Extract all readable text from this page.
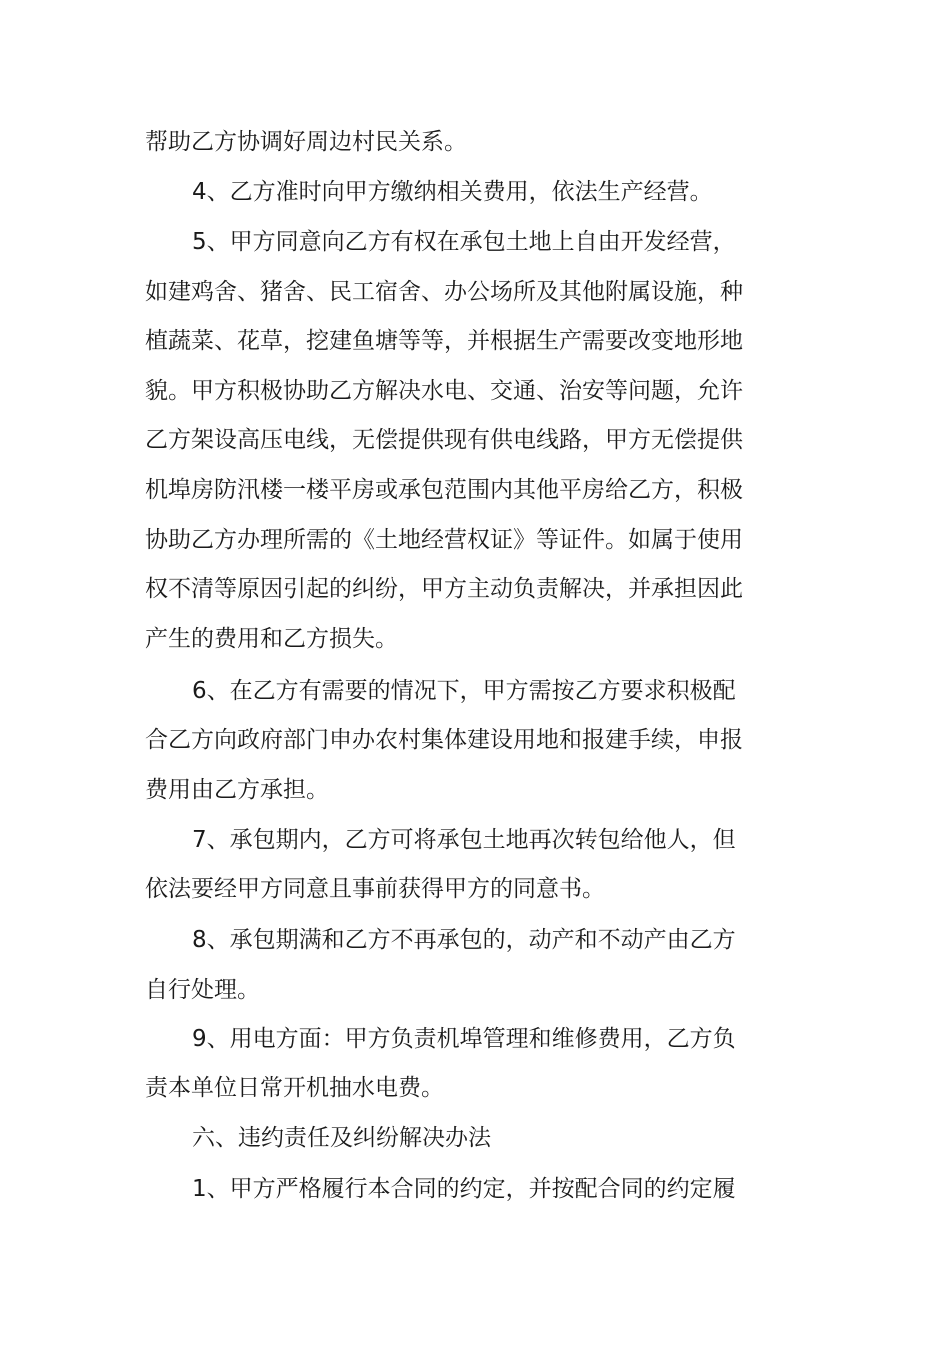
帮助乙方协调好周边村民关系。
4、乙方准时向甲方缴纳相关费用，依法生产经营。
5、甲方同意向乙方有权在承包土地上自由开发经营，
如建鸡舍、猪舍、民工宿舍、办公场所及其他附属设施，种
植蔬菜、花草，挖建鱼塘等等，并根据生产需要改变地形地
貌。甲方积极协助乙方解决水电、交通、治安等问题，允许
乙方架设高压电线，无偿提供现有供电线路，甲方无偿提供
机埠房防汛楼一楼平房或承包范围内其他平房给乙方，积极
协助乙方办理所需的《土地经营权证》等证件。如属于使用
权不清等原因引起的纠纷，甲方主动负责解决，并承担因此
产生的费用和乙方损失。
6、在乙方有需要的情况下，甲方需按乙方要求积极配
合乙方向政府部门申办农村集体建设用地和报建手续，申报
费用由乙方承担。
7、承包期内，乙方可将承包土地再次转包给他人，但
依法要经甲方同意且事前获得甲方的同意书。
8、承包期满和乙方不再承包的，动产和不动产由乙方
自行处理。
9、用电方面：甲方负责机埠管理和维修费用，乙方负
责本单位日常开机抽水电费。
六、违约责任及纠纷解决办法
1、甲方严格履行本合同的约定，并按配合同的约定履
